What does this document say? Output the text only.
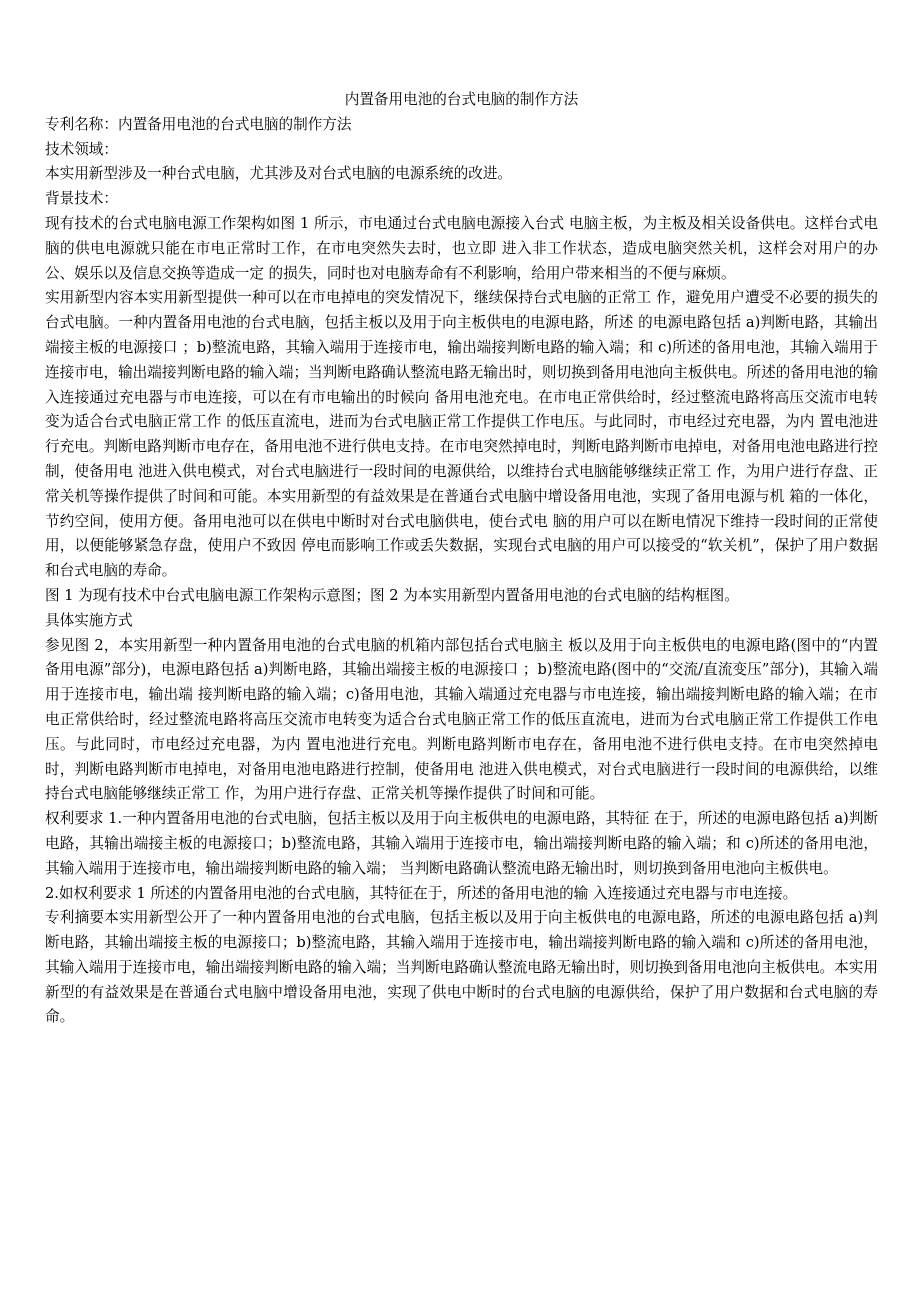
内置备用电池的台式电脑的制作方法

专利名称：内置备用电池的台式电脑的制作方法

技术领域：

本实用新型涉及一种台式电脑，尤其涉及对台式电脑的电源系统的改进。

背景技术：

现有技术的台式电脑电源工作架构如图 1 所示，市电通过台式电脑电源接入台式 电脑主板，为主板及相关设备供电。这样台式电脑的供电电源就只能在市电正常时工作，在市电突然失去时，也立即 进入非工作状态，造成电脑突然关机，这样会对用户的办公、娱乐以及信息交换等造成一定 的损失，同时也对电脑寿命有不利影响，给用户带来相当的不便与麻烦。

实用新型内容本实用新型提供一种可以在市电掉电的突发情况下，继续保持台式电脑的正常工 作，避免用户遭受不必要的损失的台式电脑。一种内置备用电池的台式电脑，包括主板以及用于向主板供电的电源电路，所述 的电源电路包括 a)判断电路，其输出端接主板的电源接口 ；b)整流电路，其输入端用于连接市电，输出端接判断电路的输入端；和 c)所述的备用电池，其输入端用于连接市电，输出端接判断电路的输入端；当判断电路确认整流电路无输出时，则切换到备用电池向主板供电。所述的备用电池的输入连接通过充电器与市电连接，可以在有市电输出的时候向 备用电池充电。在市电正常供给时，经过整流电路将高压交流市电转变为适合台式电脑正常工作 的低压直流电，进而为台式电脑正常工作提供工作电压。与此同时，市电经过充电器，为内 置电池进行充电。判断电路判断市电存在，备用电池不进行供电支持。在市电突然掉电时，判断电路判断市电掉电，对备用电池电路进行控制，使备用电 池进入供电模式，对台式电脑进行一段时间的电源供给，以维持台式电脑能够继续正常工 作，为用户进行存盘、正常关机等操作提供了时间和可能。本实用新型的有益效果是在普通台式电脑中增设备用电池，实现了备用电源与机 箱的一体化，节约空间，使用方便。备用电池可以在供电中断时对台式电脑供电，使台式电 脑的用户可以在断电情况下维持一段时间的正常使用，以便能够紧急存盘，使用户不致因 停电而影响工作或丢失数据，实现台式电脑的用户可以接受的“软关机”，保护了用户数据 和台式电脑的寿命。

图 1 为现有技术中台式电脑电源工作架构示意图；图 2 为本实用新型内置备用电池的台式电脑的结构框图。

具体实施方式

参见图 2，本实用新型一种内置备用电池的台式电脑的机箱内部包括台式电脑主 板以及用于向主板供电的电源电路(图中的“内置备用电源”部分)，电源电路包括 a)判断电路，其输出端接主板的电源接口 ；b)整流电路(图中的“交流/直流变压”部分)，其输入端用于连接市电，输出端 接判断电路的输入端；c)备用电池，其输入端通过充电器与市电连接，输出端接判断电路的输入端；在市电正常供给时，经过整流电路将高压交流市电转变为适合台式电脑正常工作的低压直流电，进而为台式电脑正常工作提供工作电压。与此同时，市电经过充电器，为内 置电池进行充电。判断电路判断市电存在，备用电池不进行供电支持。在市电突然掉电时，判断电路判断市电掉电，对备用电池电路进行控制，使备用电 池进入供电模式，对台式电脑进行一段时间的电源供给，以维持台式电脑能够继续正常工 作，为用户进行存盘、正常关机等操作提供了时间和可能。

权利要求 1.一种内置备用电池的台式电脑，包括主板以及用于向主板供电的电源电路，其特征 在于，所述的电源电路包括 a)判断电路，其输出端接主板的电源接口；b)整流电路，其输入端用于连接市电，输出端接判断电路的输入端；和 c)所述的备用电池，其输入端用于连接市电，输出端接判断电路的输入端； 当判断电路确认整流电路无输出时，则切换到备用电池向主板供电。

2.如权利要求 1 所述的内置备用电池的台式电脑，其特征在于，所述的备用电池的输 入连接通过充电器与市电连接。

专利摘要本实用新型公开了一种内置备用电池的台式电脑，包括主板以及用于向主板供电的电源电路，所述的电源电路包括 a)判断电路，其输出端接主板的电源接口；b)整流电路，其输入端用于连接市电，输出端接判断电路的输入端和 c)所述的备用电池，其输入端用于连接市电，输出端接判断电路的输入端；当判断电路确认整流电路无输出时，则切换到备用电池向主板供电。本实用新型的有益效果是在普通台式电脑中增设备用电池，实现了供电中断时的台式电脑的电源供给，保护了用户数据和台式电脑的寿命。
